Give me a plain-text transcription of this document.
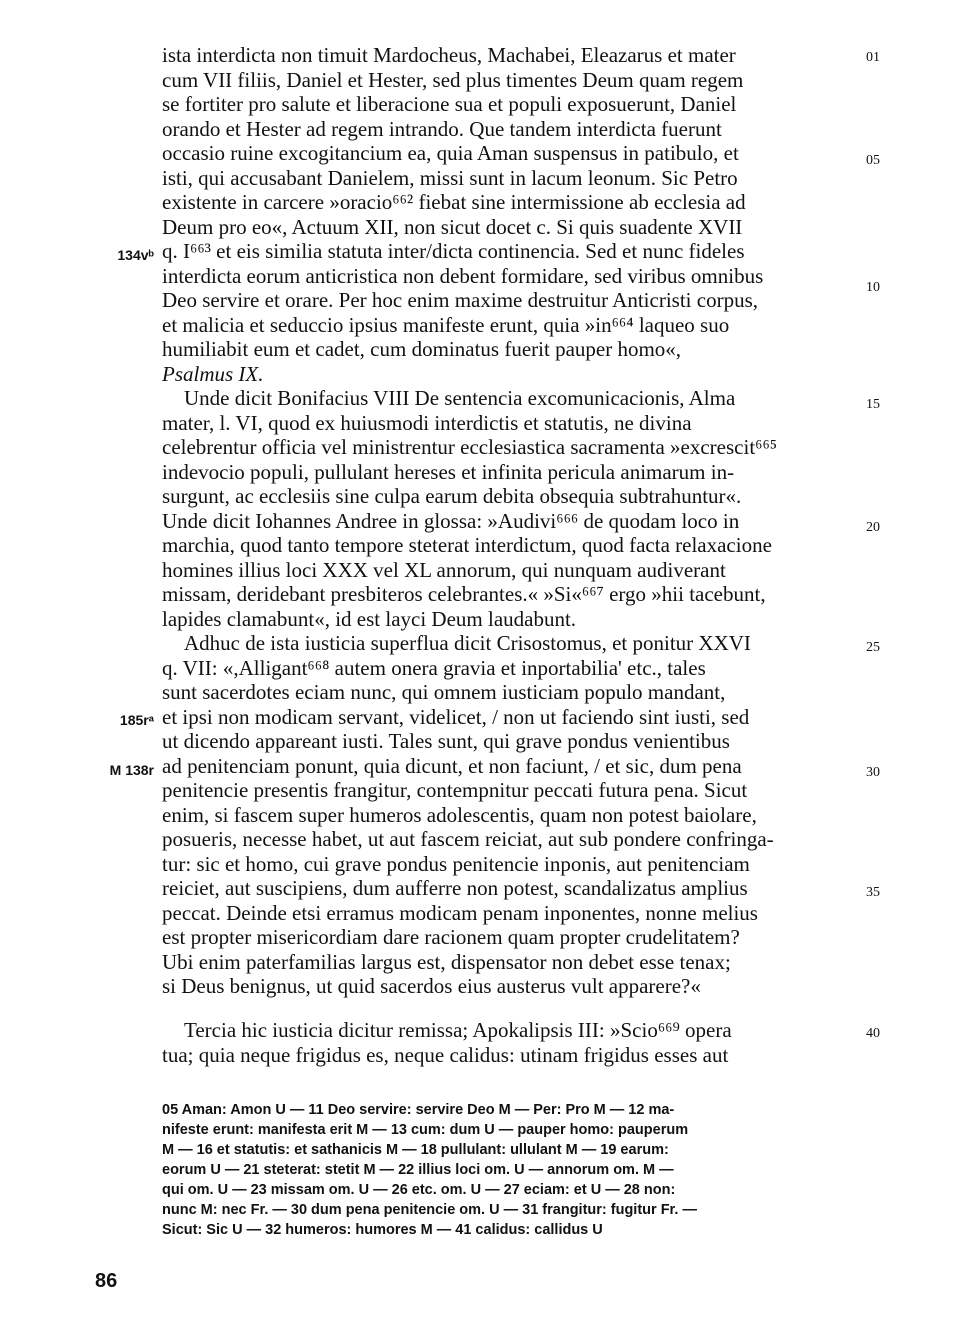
ista interdicta non timuit Mardocheus, Machabei, Eleazarus et mater
cum VII filiis, Daniel et Hester, sed plus timentes Deum quam regem
se fortiter pro salute et liberacione sua et populi exposuerunt, Daniel
orando et Hester ad regem intrando. Que tandem interdicta fuerunt
occasio ruine excogitancium ea, quia Aman suspensus in patibulo, et
isti, qui accusabant Danielem, missi sunt in lacum leonum. Sic Petro
existente in carcere »oracio⁶⁶² fiebat sine intermissione ab ecclesia ad
Deum pro eo«, Actuum XII, non sicut docet c. Si quis suadente XVII
q. I⁶⁶³ et eis similia statuta inter/dicta continencia. Sed et nunc fideles
interdicta eorum anticristica non debent formidare, sed viribus omnibus
Deo servire et orare. Per hoc enim maxime destruitur Anticristi corpus,
et malicia et seduccio ipsius manifeste erunt, quia »in⁶⁶⁴ laqueo suo
humiliabit eum et cadet, cum dominatus fuerit pauper homo«,
Psalmus IX.
Unde dicit Bonifacius VIII De sentencia excomunicacionis, Alma
mater, l. VI, quod ex huiusmodi interdictis et statutis, ne divina
celebrentur officia vel ministrentur ecclesiastica sacramenta »excrescit⁶⁶⁵
indevocio populi, pullulant hereses et infinita pericula animarum in-
surgunt, ac ecclesiis sine culpa earum debita obsequia subtrahuntur«.
Unde dicit Iohannes Andree in glossa: »Audivi⁶⁶⁶ de quodam loco in
marchia, quod tanto tempore steterat interdictum, quod facta relaxacione
homines illius loci XXX vel XL annorum, qui nunquam audiverant
missam, deridebant presbiteros celebrantes.« »Si«⁶⁶⁷ ergo »hii tacebunt,
lapides clamabunt«, id est layci Deum laudabunt.
Adhuc de ista iusticia superflua dicit Crisostomus, et ponitur XXVI
q. VII: «,Alligant⁶⁶⁸ autem onera gravia et inportabilia' etc., tales
sunt sacerdotes eciam nunc, qui omnem iusticiam populo mandant,
et ipsi non modicam servant, videlicet, / non ut faciendo sint iusti, sed
ut dicendo appareant iusti. Tales sunt, qui grave pondus venientibus
ad penitenciam ponunt, quia dicunt, et non faciunt, / et sic, dum pena
penitencie presentis frangitur, contempnitur peccati futura pena. Sicut
enim, si fascem super humeros adolescentis, quam non potest baiolare,
posueris, necesse habet, ut aut fascem reiciat, aut sub pondere confringa-
tur: sic et homo, cui grave pondus penitencie inponis, aut penitenciam
reiciet, aut suscipiens, dum aufferre non potest, scandalizatus amplius
peccat. Deinde etsi erramus modicam penam inponentes, nonne melius
est propter misericordiam dare racionem quam propter crudelitatem?
Ubi enim paterfamilias largus est, dispensator non debet esse tenax;
si Deus benignus, ut quid sacerdos eius austerus vult apparere?«
Tercia hic iusticia dicitur remissa; Apokalipsis III: »Scio⁶⁶⁹ opera
tua; quia neque frigidus es, neque calidus: utinam frigidus esses aut
134vᵇ
185rᵃ
M 138r
01
05
10
15
20
25
30
35
40
05 Aman: Amon U — 11 Deo servire: servire Deo M — Per: Pro M — 12 ma-
nifeste erunt: manifesta erit M — 13 cum: dum U — pauper homo: pauperum
M — 16 et statutis: et sathanicis M — 18 pullulant: ullulant M — 19 earum:
eorum U — 21 steterat: stetit M — 22 illius loci om. U — annorum om. M —
qui om. U — 23 missam om. U — 26 etc. om. U — 27 eciam: et U — 28 non:
nunc M: nec Fr. — 30 dum pena penitencie om. U — 31 frangitur: fugitur Fr. —
Sicut: Sic U — 32 humeros: humores M — 41 calidus: callidus U
86
